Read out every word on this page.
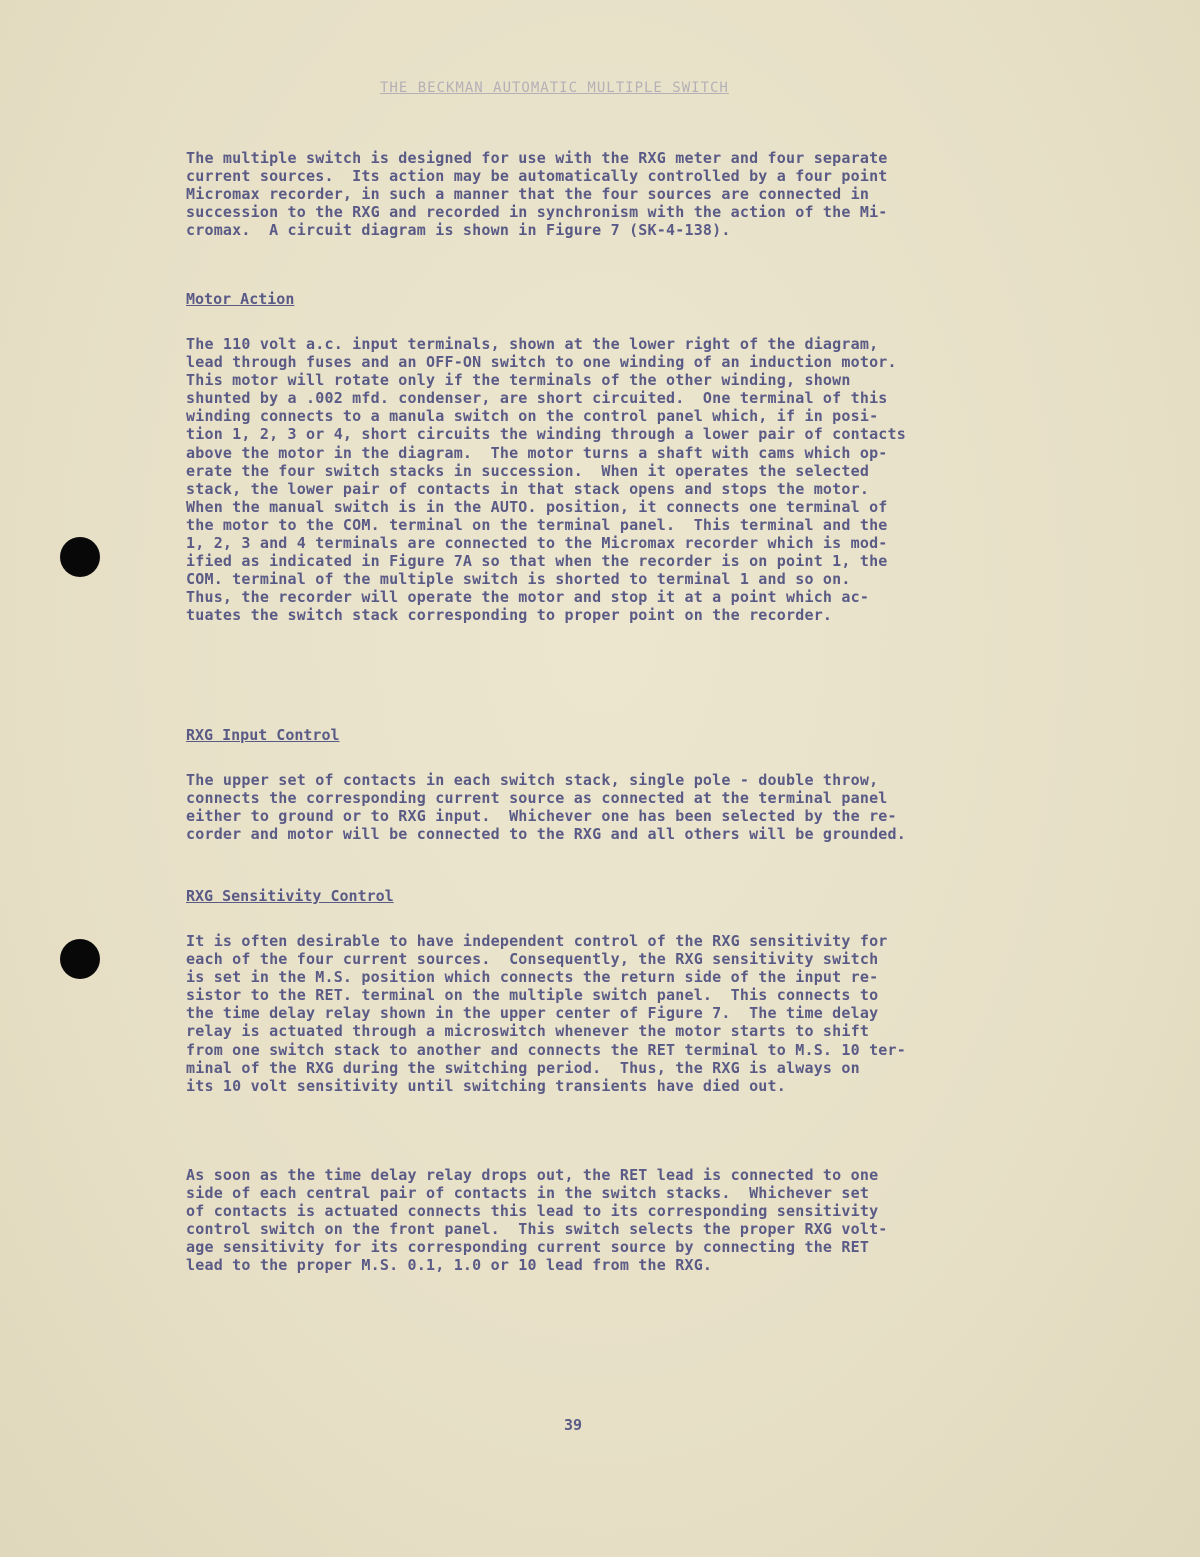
THE BECKMAN AUTOMATIC MULTIPLE SWITCH
The multiple switch is designed for use with the RXG meter and four separate
current sources.  Its action may be automatically controlled by a four point
Micromax recorder, in such a manner that the four sources are connected in
succession to the RXG and recorded in synchronism with the action of the Mi-
cromax.  A circuit diagram is shown in Figure 7 (SK-4-138).
Motor Action
The 110 volt a.c. input terminals, shown at the lower right of the diagram,
lead through fuses and an OFF-ON switch to one winding of an induction motor.
This motor will rotate only if the terminals of the other winding, shown
shunted by a .002 mfd. condenser, are short circuited.  One terminal of this
winding connects to a manula switch on the control panel which, if in posi-
tion 1, 2, 3 or 4, short circuits the winding through a lower pair of contacts
above the motor in the diagram.  The motor turns a shaft with cams which op-
erate the four switch stacks in succession.  When it operates the selected
stack, the lower pair of contacts in that stack opens and stops the motor.
When the manual switch is in the AUTO. position, it connects one terminal of
the motor to the COM. terminal on the terminal panel.  This terminal and the
1, 2, 3 and 4 terminals are connected to the Micromax recorder which is mod-
ified as indicated in Figure 7A so that when the recorder is on point 1, the
COM. terminal of the multiple switch is shorted to terminal 1 and so on.
Thus, the recorder will operate the motor and stop it at a point which ac-
tuates the switch stack corresponding to proper point on the recorder.
RXG Input Control
The upper set of contacts in each switch stack, single pole - double throw,
connects the corresponding current source as connected at the terminal panel
either to ground or to RXG input.  Whichever one has been selected by the re-
corder and motor will be connected to the RXG and all others will be grounded.
RXG Sensitivity Control
It is often desirable to have independent control of the RXG sensitivity for
each of the four current sources.  Consequently, the RXG sensitivity switch
is set in the M.S. position which connects the return side of the input re-
sistor to the RET. terminal on the multiple switch panel.  This connects to
the time delay relay shown in the upper center of Figure 7.  The time delay
relay is actuated through a microswitch whenever the motor starts to shift
from one switch stack to another and connects the RET terminal to M.S. 10 ter-
minal of the RXG during the switching period.  Thus, the RXG is always on
its 10 volt sensitivity until switching transients have died out.
As soon as the time delay relay drops out, the RET lead is connected to one
side of each central pair of contacts in the switch stacks.  Whichever set
of contacts is actuated connects this lead to its corresponding sensitivity
control switch on the front panel.  This switch selects the proper RXG volt-
age sensitivity for its corresponding current source by connecting the RET
lead to the proper M.S. 0.1, 1.0 or 10 lead from the RXG.
39
